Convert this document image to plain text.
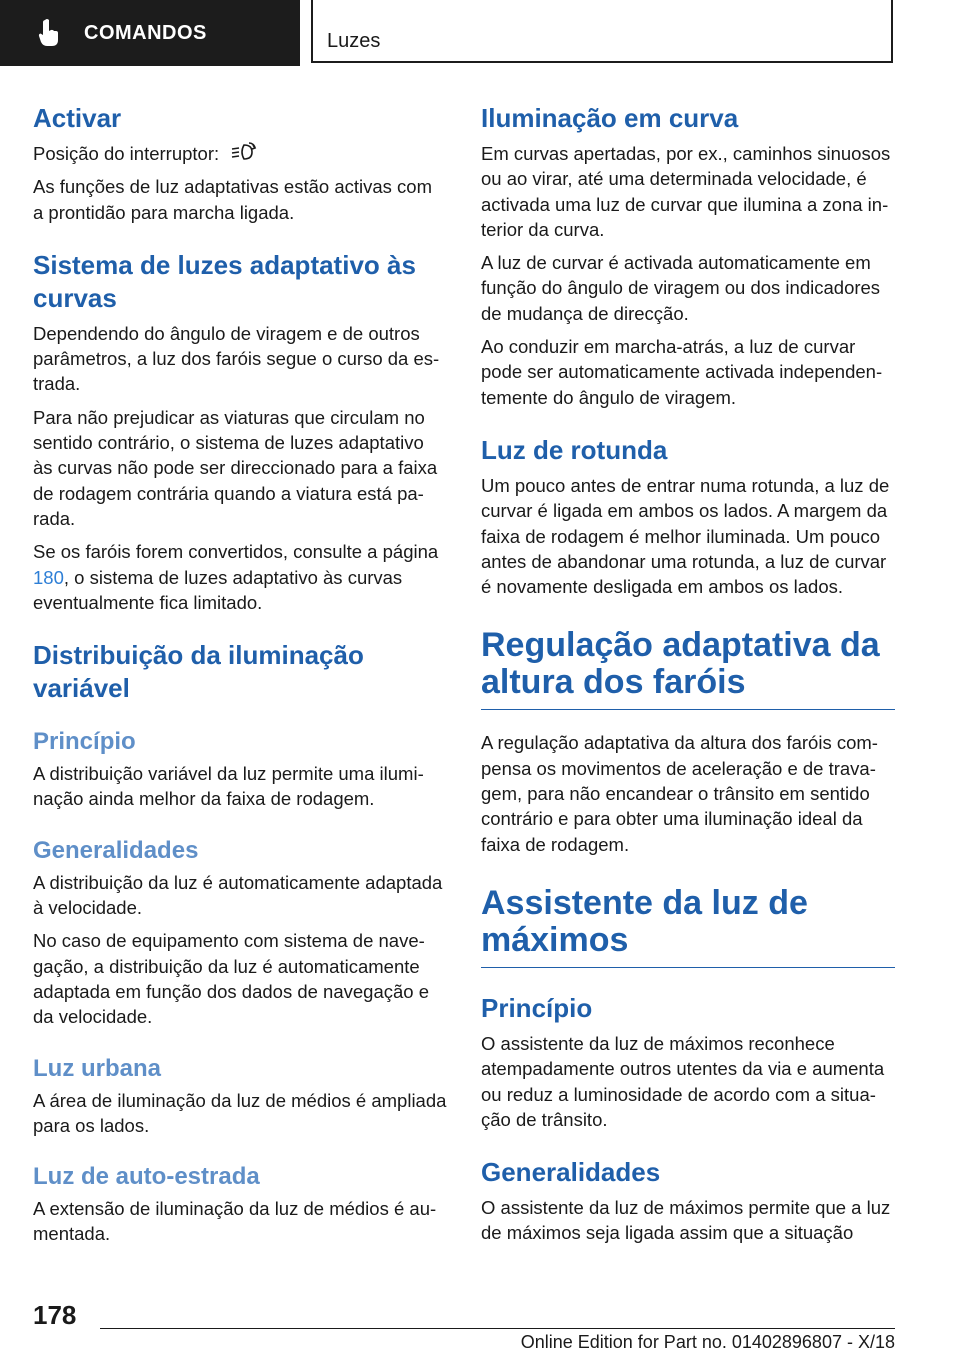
COMANDOS	Luzes
Activar

Posição do interruptor:

As funções de luz adaptativas estão activas com a prontidão para marcha ligada.

Sistema de luzes adaptativo às curvas

Dependendo do ângulo de viragem e de outros parâmetros, a luz dos faróis segue o curso da estrada.

Para não prejudicar as viaturas que circulam no sentido contrário, o sistema de luzes adaptativo às curvas não pode ser direccionado para a faixa de rodagem contrária quando a viatura está parada.

Se os faróis forem convertidos, consulte a página 180, o sistema de luzes adaptativo às curvas eventualmente fica limitado.

Distribuição da iluminação variável
Princípio

A distribuição variável da luz permite uma iluminação ainda melhor da faixa de rodagem.

Generalidades

A distribuição da luz é automaticamente adaptada à velocidade.

No caso de equipamento com sistema de navegação, a distribuição da luz é automaticamente adaptada em função dos dados de navegação e da velocidade.

Luz urbana

A área de iluminação da luz de médios é ampliada para os lados.

Luz de auto-estrada

A extensão de iluminação da luz de médios é aumentada.

Iluminação em curva

Em curvas apertadas, por ex., caminhos sinuosos ou ao virar, até uma determinada velocidade, é activada uma luz de curvar que ilumina a zona interior da curva.

A luz de curvar é activada automaticamente em função do ângulo de viragem ou dos indicadores de mudança de direcção.

Ao conduzir em marcha-atrás, a luz de curvar pode ser automaticamente activada independentemente do ângulo de viragem.

Luz de rotunda

Um pouco antes de entrar numa rotunda, a luz de curvar é ligada em ambos os lados. A margem da faixa de rodagem é melhor iluminada. Um pouco antes de abandonar uma rotunda, a luz de curvar é novamente desligada em ambos os lados.

Regulação adaptativa da altura dos faróis

A regulação adaptativa da altura dos faróis compensa os movimentos de aceleração e de travagem, para não encandear o trânsito em sentido contrário e para obter uma iluminação ideal da faixa de rodagem.

Assistente da luz de máximos
Princípio

O assistente da luz de máximos reconhece atempadamente outros utentes da via e aumenta ou reduz a luminosidade de acordo com a situação de trânsito.

Generalidades

O assistente da luz de máximos permite que a luz de máximos seja ligada assim que a situação

178
Online Edition for Part no. 01402896807 - X/18
